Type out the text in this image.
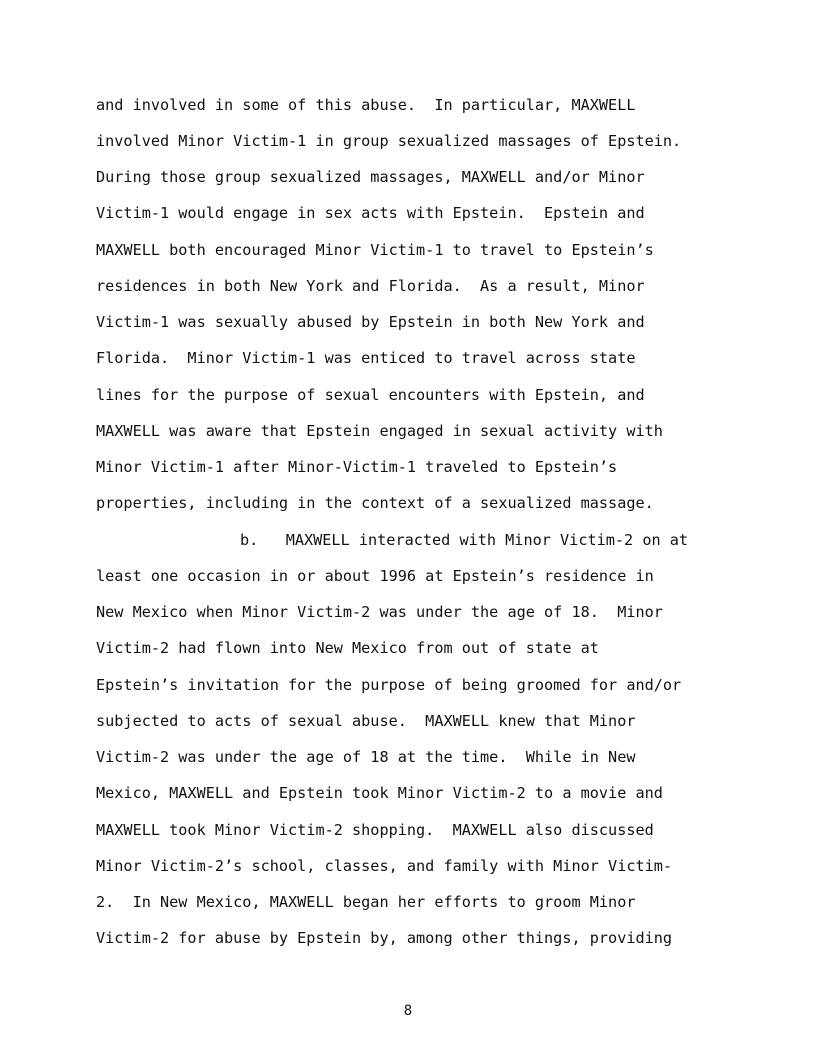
and involved in some of this abuse.  In particular, MAXWELL
involved Minor Victim-1 in group sexualized massages of Epstein.
During those group sexualized massages, MAXWELL and/or Minor
Victim-1 would engage in sex acts with Epstein.  Epstein and
MAXWELL both encouraged Minor Victim-1 to travel to Epstein’s
residences in both New York and Florida.  As a result, Minor
Victim-1 was sexually abused by Epstein in both New York and
Florida.  Minor Victim-1 was enticed to travel across state
lines for the purpose of sexual encounters with Epstein, and
MAXWELL was aware that Epstein engaged in sexual activity with
Minor Victim-1 after Minor-Victim-1 traveled to Epstein’s
properties, including in the context of a sexualized massage.
b.   MAXWELL interacted with Minor Victim-2 on at
least one occasion in or about 1996 at Epstein’s residence in
New Mexico when Minor Victim-2 was under the age of 18.  Minor
Victim-2 had flown into New Mexico from out of state at
Epstein’s invitation for the purpose of being groomed for and/or
subjected to acts of sexual abuse.  MAXWELL knew that Minor
Victim-2 was under the age of 18 at the time.  While in New
Mexico, MAXWELL and Epstein took Minor Victim-2 to a movie and
MAXWELL took Minor Victim-2 shopping.  MAXWELL also discussed
Minor Victim-2’s school, classes, and family with Minor Victim-
2.  In New Mexico, MAXWELL began her efforts to groom Minor
Victim-2 for abuse by Epstein by, among other things, providing
8
